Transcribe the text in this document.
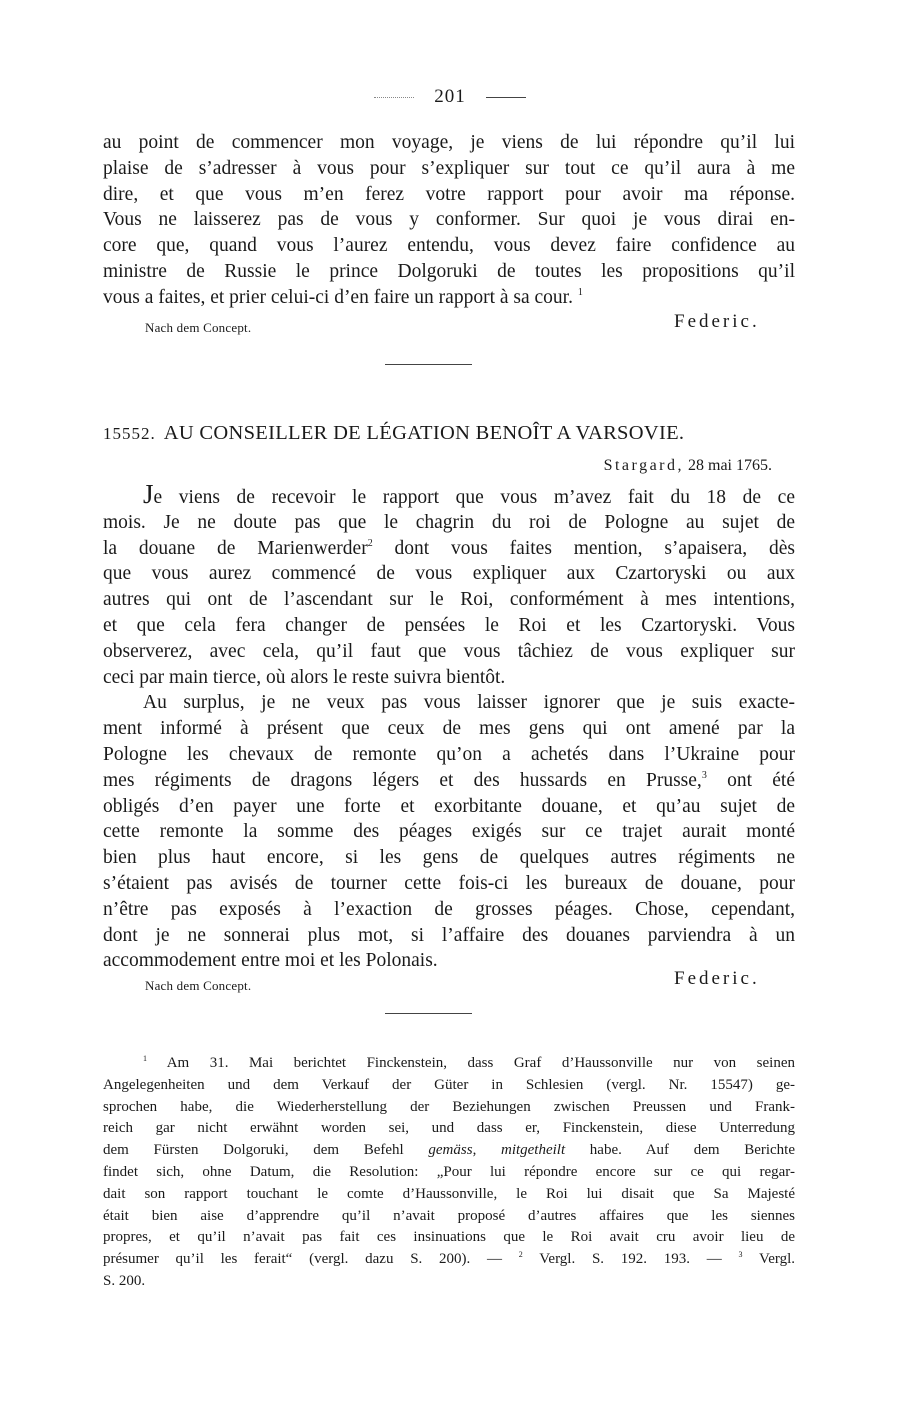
201
au point de commencer mon voyage, je viens de lui répondre qu’il lui
plaise de s’adresser à vous pour s’expliquer sur tout ce qu’il aura à me
dire, et que vous m’en ferez votre rapport pour avoir ma réponse.
Vous ne laisserez pas de vous y conformer. Sur quoi je vous dirai en-
core que, quand vous l’aurez entendu, vous devez faire confidence au
ministre de Russie le prince Dolgoruki de toutes les propositions qu’il
vous a faites, et prier celui-ci d’en faire un rapport à sa cour. $^1$
Nach dem Concept.	Federic.
15552. AU CONSEILLER DE LÉGATION BENOÎT A VARSOVIE.
Stargard, 28 mai 1765.
Je viens de recevoir le rapport que vous m’avez fait du 18 de ce
mois. Je ne doute pas que le chagrin du roi de Pologne au sujet de
la douane de Marienwerder$^2$ dont vous faites mention, s’apaisera, dès
que vous aurez commencé de vous expliquer aux Czartoryski ou aux
autres qui ont de l’ascendant sur le Roi, conformément à mes intentions,
et que cela fera changer de pensées le Roi et les Czartoryski. Vous
observerez, avec cela, qu’il faut que vous tâchiez de vous expliquer sur
ceci par main tierce, où alors le reste suivra bientôt.
Au surplus, je ne veux pas vous laisser ignorer que je suis exacte-
ment informé à présent que ceux de mes gens qui ont amené par la
Pologne les chevaux de remonte qu’on a achetés dans l’Ukraine pour
mes régiments de dragons légers et des hussards en Prusse,$^3$ ont été
obligés d’en payer une forte et exorbitante douane, et qu’au sujet de
cette remonte la somme des péages exigés sur ce trajet aurait monté
bien plus haut encore, si les gens de quelques autres régiments ne
s’étaient pas avisés de tourner cette fois-ci les bureaux de douane, pour
n’être pas exposés à l’exaction de grosses péages. Chose, cependant,
dont je ne sonnerai plus mot, si l’affaire des douanes parviendra à un
accommodement entre moi et les Polonais.
Nach dem Concept.	Federic.
$^1$ Am 31. Mai berichtet Finckenstein, dass Graf d’Haussonville nur von seinen
Angelegenheiten und dem Verkauf der Güter in Schlesien (vergl. Nr. 15547) ge-
sprochen habe, die Wiederherstellung der Beziehungen zwischen Preussen und Frank-
reich gar nicht erwähnt worden sei, und dass er, Finckenstein, diese Unterredung
dem Fürsten Dolgoruki, dem Befehl gemäss, mitgetheilt habe. Auf dem Berichte
findet sich, ohne Datum, die Resolution: „Pour lui répondre encore sur ce qui regar-
dait son rapport touchant le comte d’Haussonville, le Roi lui disait que Sa Majesté
était bien aise d’apprendre qu’il n’avait proposé d’autres affaires que les siennes
propres, et qu’il n’avait pas fait ces insinuations que le Roi avait cru avoir lieu de
présumer qu’il les ferait“ (vergl. dazu S. 200). — $^2$ Vergl. S. 192. 193. — $^3$ Vergl.
S. 200.
